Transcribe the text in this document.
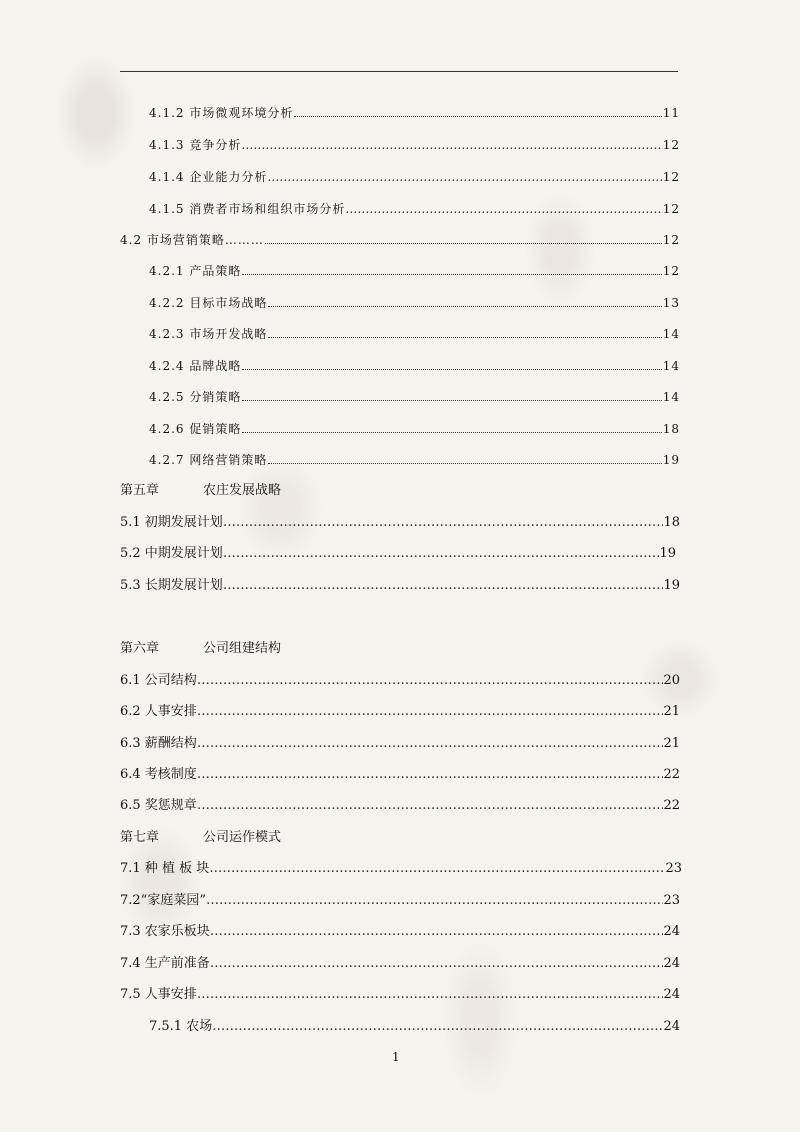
4.1.2 市场微观环境分析	11
4.1.3 竞争分析 ……………………………………………………………………………………………………………………………………………………………………	12
4.1.4 企业能力分析 ……………………………………………………………………………………………………………………………………………………………………	12
4.1.5 消费者市场和组织市场分析 ……………………………………………………………………………………………………………………………………………………………………	12
4.2 市场营销策略………	12
4.2.1 产品策略	12
4.2.2 目标市场战略	13
4.2.3 市场开发战略	14
4.2.4 品牌战略	14
4.2.5 分销策略	14
4.2.6 促销策略	18
4.2.7 网络营销策略	19
第五章	农庄发展战略
5.1 初期发展计划 ……………………………………………………………………………………………………………………………………………………………………	18
5.2 中期发展计划 ……………………………………………………………………………………………………………………………………………………………………	19
5.3 长期发展计划 ……………………………………………………………………………………………………………………………………………………………………	19
第六章	公司组建结构
6.1 公司结构 ……………………………………………………………………………………………………………………………………………………………………	20
6.2 人事安排 ……………………………………………………………………………………………………………………………………………………………………	21
6.3 薪酬结构 ……………………………………………………………………………………………………………………………………………………………………	21
6.4 考核制度 ……………………………………………………………………………………………………………………………………………………………………	22
6.5 奖惩规章 ……………………………………………………………………………………………………………………………………………………………………	22
第七章	公司运作模式
7.1 种 植 板 块 ……………………………………………………………………………………………………………………………………………………………………	23
7.2“家庭菜园” ……………………………………………………………………………………………………………………………………………………………………	23
7.3 农家乐板块 ……………………………………………………………………………………………………………………………………………………………………	24
7.4 生产前准备 ……………………………………………………………………………………………………………………………………………………………………	24
7.5 人事安排 ……………………………………………………………………………………………………………………………………………………………………	24
7.5.1 农场 ……………………………………………………………………………………………………………………………………………………………………	24
1
